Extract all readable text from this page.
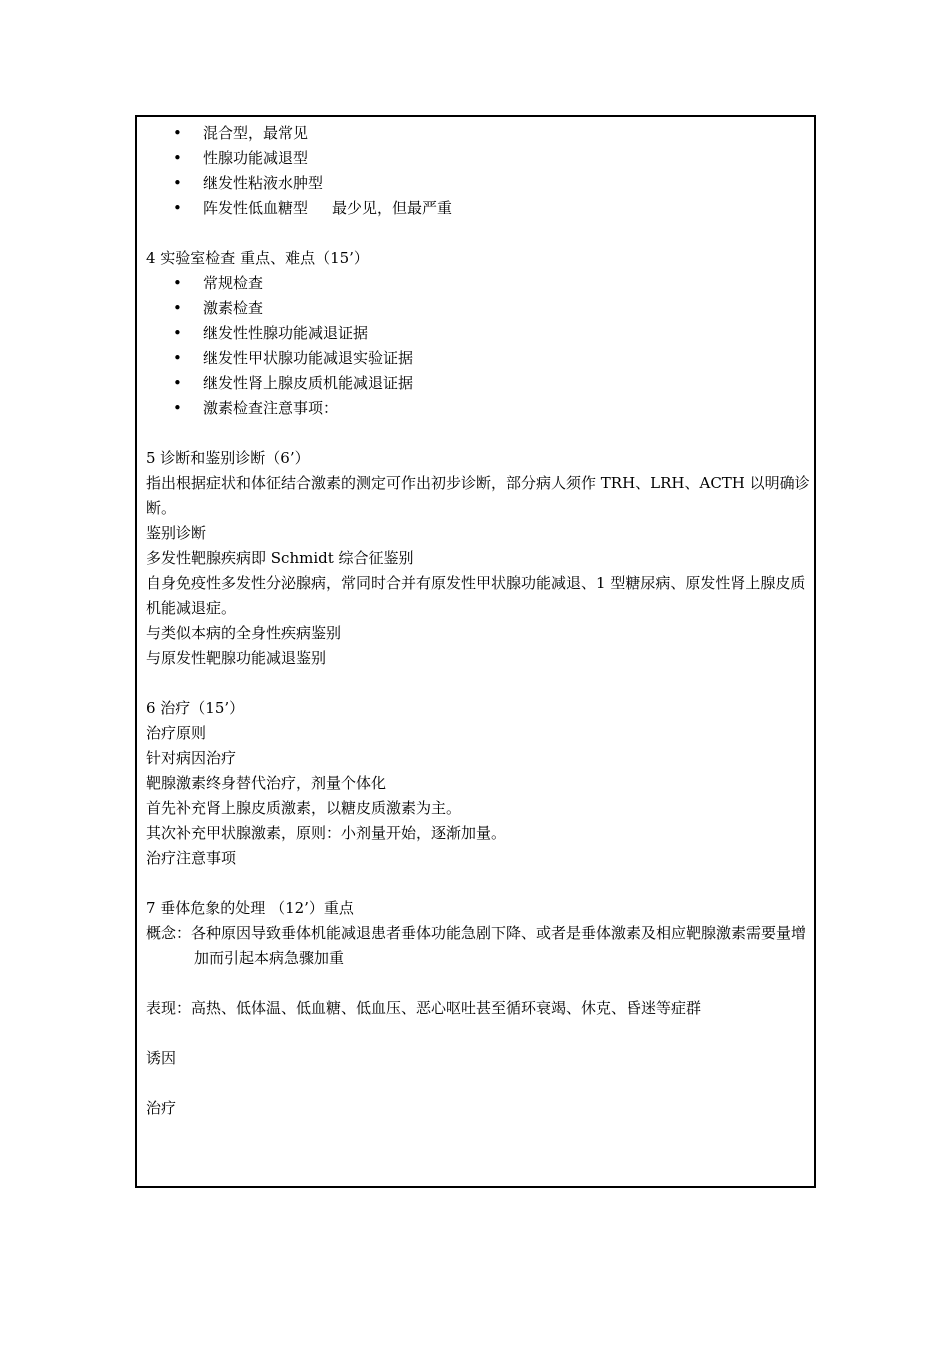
• 混合型，最常见
• 性腺功能减退型
• 继发性粘液水肿型
• 阵发性低血糖型 最少见，但最严重
4 实验室检查 重点、难点（15’）
• 常规检查
• 激素检查
• 继发性性腺功能减退证据
• 继发性甲状腺功能减退实验证据
• 继发性肾上腺皮质机能减退证据
• 激素检查注意事项：
5 诊断和鉴别诊断（6’）
指出根据症状和体征结合激素的测定可作出初步诊断，部分病人须作 TRH、LRH、ACTH 以明确诊断。
鉴别诊断
多发性靶腺疾病即 Schmidt 综合征鉴别
自身免疫性多发性分泌腺病，常同时合并有原发性甲状腺功能减退、1 型糖尿病、原发性肾上腺皮质机能减退症。
与类似本病的全身性疾病鉴别
与原发性靶腺功能减退鉴别
6 治疗（15’）
治疗原则
针对病因治疗
靶腺激素终身替代治疗，剂量个体化
首先补充肾上腺皮质激素，以糖皮质激素为主。
其次补充甲状腺激素，原则：小剂量开始，逐渐加量。
治疗注意事项
7 垂体危象的处理 （12’）重点
概念：各种原因导致垂体机能减退患者垂体功能急剧下降、或者是垂体激素及相应靶腺激素需要量增加而引起本病急骤加重
表现：高热、低体温、低血糖、低血压、恶心呕吐甚至循环衰竭、休克、昏迷等症群
诱因
治疗
